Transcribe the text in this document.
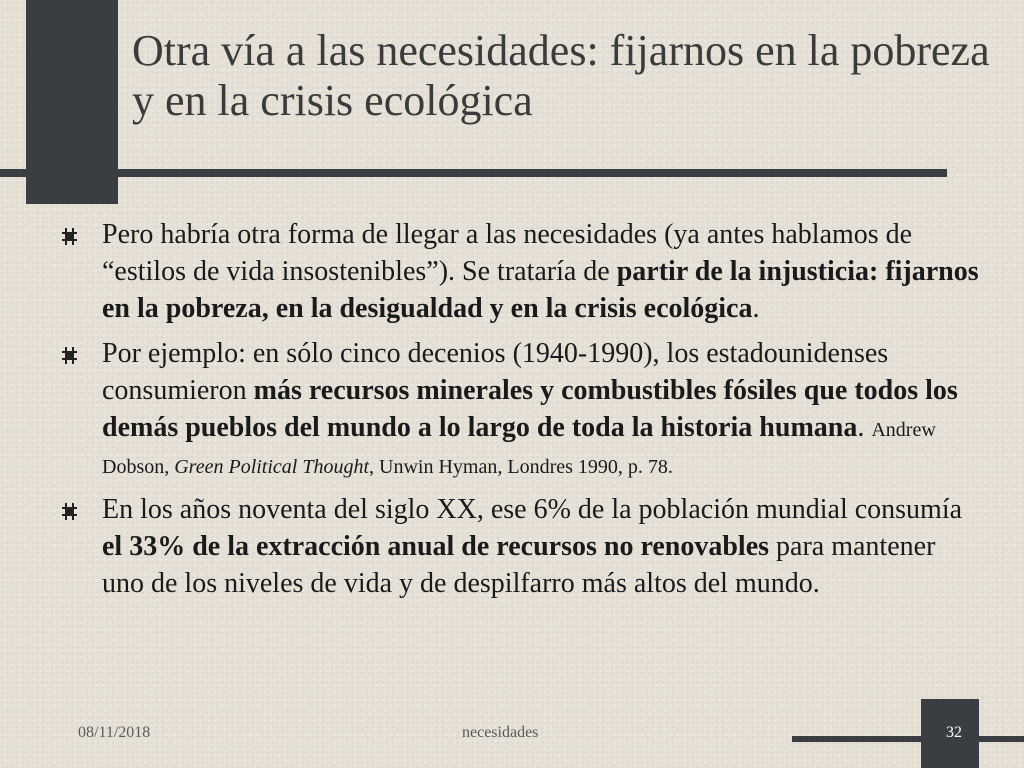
Otra vía a las necesidades: fijarnos en la pobreza y en la crisis ecológica
Pero habría otra forma de llegar a las necesidades (ya antes hablamos de “estilos de vida insostenibles”). Se trataría de partir de la injusticia: fijarnos en la pobreza, en la desigualdad y en la crisis ecológica.
Por ejemplo: en sólo cinco decenios (1940-1990), los estadounidenses consumieron más recursos minerales y combustibles fósiles que todos los demás pueblos del mundo a lo largo de toda la historia humana. Andrew Dobson, Green Political Thought, Unwin Hyman, Londres 1990, p. 78.
En los años noventa del siglo XX, ese 6% de la población mundial consumía el 33% de la extracción anual de recursos no renovables para mantener uno de los niveles de vida y de despilfarro más altos del mundo.
08/11/2018	necesidades	32
